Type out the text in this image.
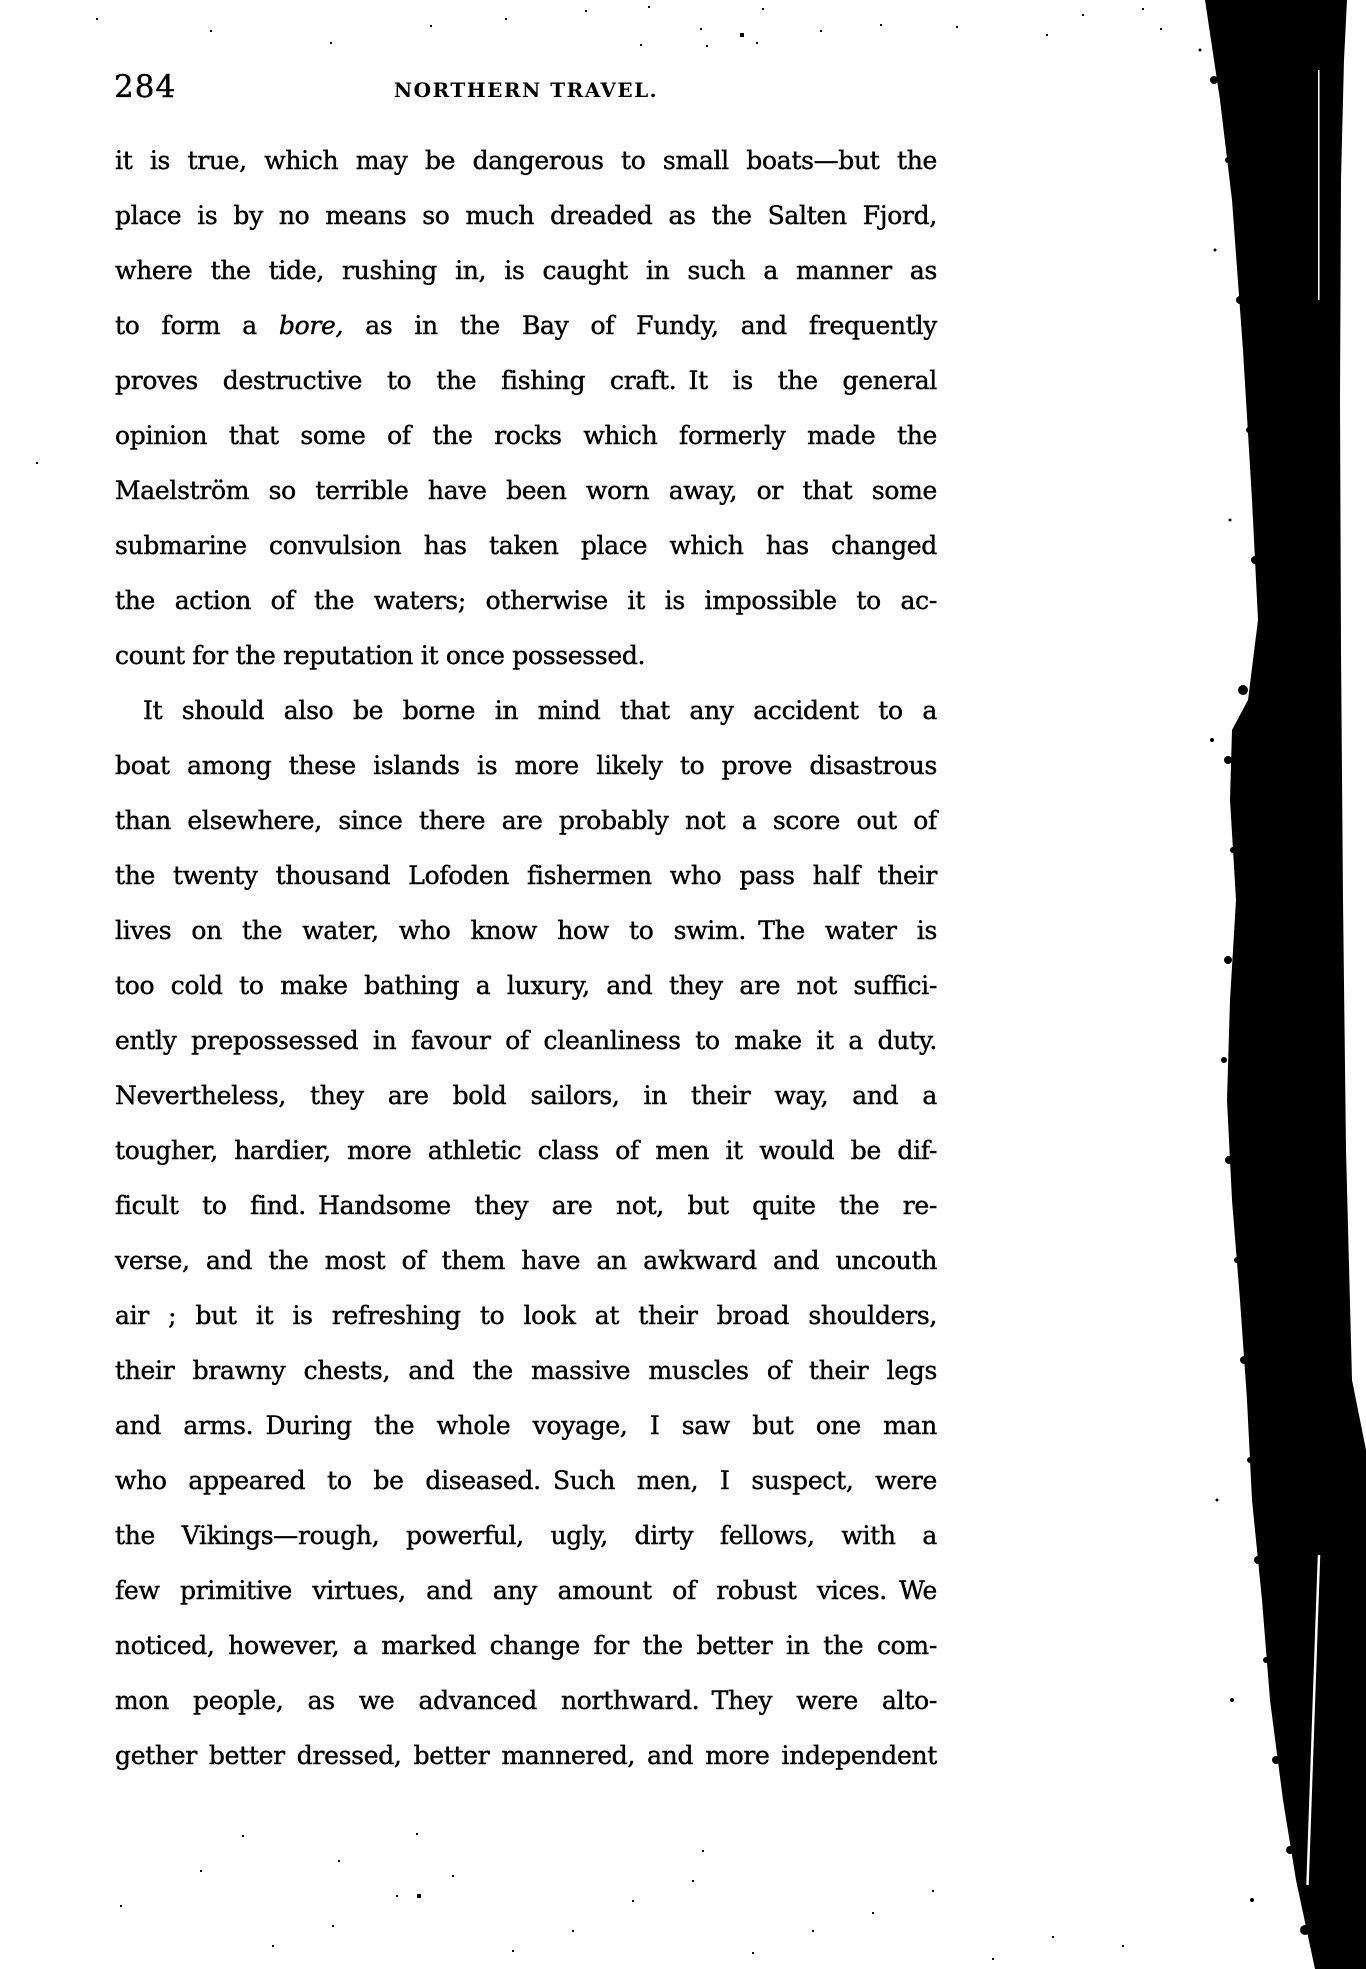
284	NORTHERN TRAVEL.
it is true, which may be dangerous to small boats—but the
place is by no means so much dreaded as the Salten Fjord,
where the tide, rushing in, is caught in such a manner as
to form a bore, as in the Bay of Fundy, and frequently
proves destructive to the fishing craft. It is the general
opinion that some of the rocks which formerly made the
Maelström so terrible have been worn away, or that some
submarine convulsion has taken place which has changed
the action of the waters; otherwise it is impossible to ac-
count for the reputation it once possessed.
It should also be borne in mind that any accident to a
boat among these islands is more likely to prove disastrous
than elsewhere, since there are probably not a score out of
the twenty thousand Lofoden fishermen who pass half their
lives on the water, who know how to swim. The water is
too cold to make bathing a luxury, and they are not suffici-
ently prepossessed in favour of cleanliness to make it a duty.
Nevertheless, they are bold sailors, in their way, and a
tougher, hardier, more athletic class of men it would be dif-
ficult to find. Handsome they are not, but quite the re-
verse, and the most of them have an awkward and uncouth
air ; but it is refreshing to look at their broad shoulders,
their brawny chests, and the massive muscles of their legs
and arms. During the whole voyage, I saw but one man
who appeared to be diseased. Such men, I suspect, were
the Vikings—rough, powerful, ugly, dirty fellows, with a
few primitive virtues, and any amount of robust vices. We
noticed, however, a marked change for the better in the com-
mon people, as we advanced northward. They were alto-
gether better dressed, better mannered, and more independent
